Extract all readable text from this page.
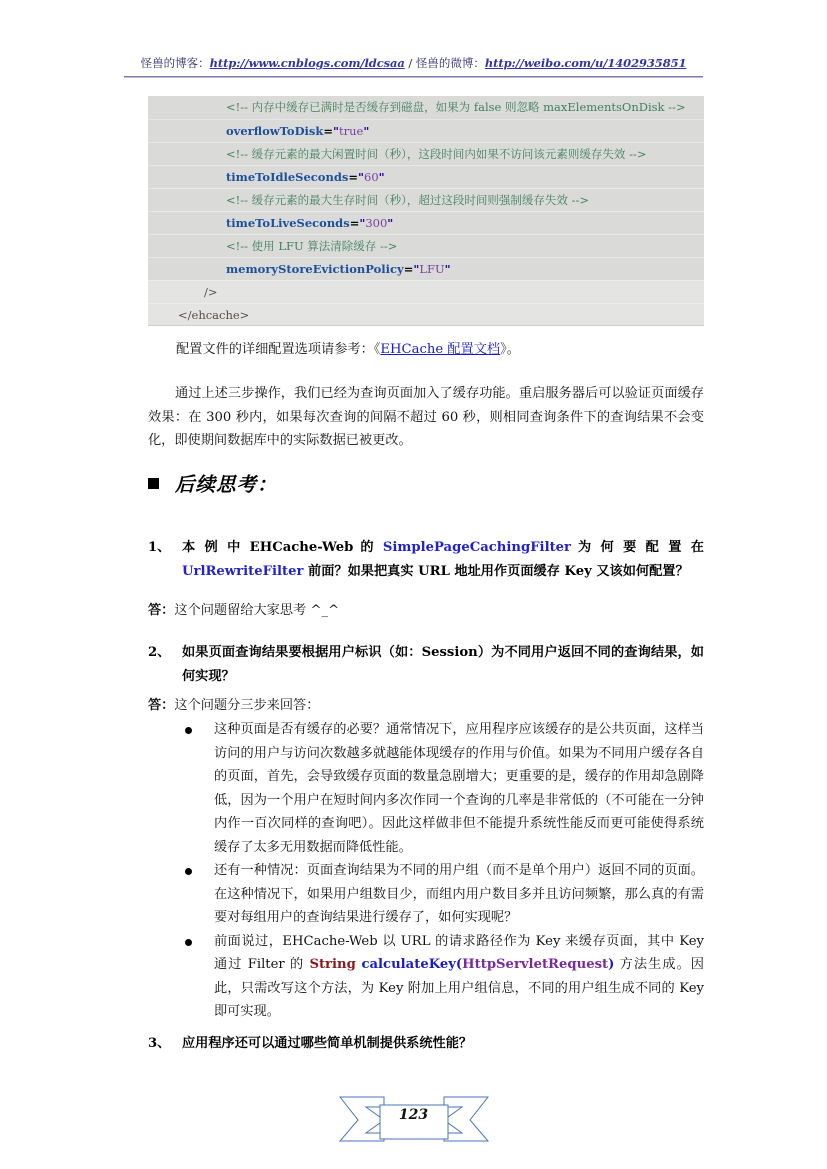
怪兽的博客：http://www.cnblogs.com/ldcsaa / 怪兽的微博：http://weibo.com/u/1402935851
<!-- 内存中缓存已满时是否缓存到磁盘，如果为 false 则忽略 maxElementsOnDisk -->
overflowToDisk="true"
<!-- 缓存元素的最大闲置时间（秒），这段时间内如果不访问该元素则缓存失效 -->
timeToIdleSeconds="60"
<!-- 缓存元素的最大生存时间（秒），超过这段时间则强制缓存失效 -->
timeToLiveSeconds="300"
<!-- 使用 LFU 算法清除缓存 -->
memoryStoreEvictionPolicy="LFU"
/>
</ehcache>
配置文件的详细配置选项请参考：《EHCache 配置文档》。
通过上述三步操作，我们已经为查询页面加入了缓存功能。重启服务器后可以验证页面缓存效果：在 300 秒内，如果每次查询的间隔不超过 60 秒，则相同查询条件下的查询结果不会变化，即使期间数据库中的实际数据已被更改。
后续思考：
1、 本 例 中 EHCache-Web 的 SimplePageCachingFilter 为 何 要 配 置 在 UrlRewriteFilter 前面？如果把真实 URL 地址用作页面缓存 Key 又该如何配置？
答：这个问题留给大家思考 ^_^
2、 如果页面查询结果要根据用户标识（如：Session）为不同用户返回不同的查询结果，如何实现？
答：这个问题分三步来回答：
这种页面是否有缓存的必要？通常情况下，应用程序应该缓存的是公共页面，这样当访问的用户与访问次数越多就越能体现缓存的作用与价值。如果为不同用户缓存各自的页面，首先，会导致缓存页面的数量急剧增大；更重要的是，缓存的作用却急剧降低，因为一个用户在短时间内多次作同一个查询的几率是非常低的（不可能在一分钟内作一百次同样的查询吧）。因此这样做非但不能提升系统性能反而更可能使得系统缓存了太多无用数据而降低性能。
还有一种情况：页面查询结果为不同的用户组（而不是单个用户）返回不同的页面。在这种情况下，如果用户组数目少，而组内用户数目多并且访问频繁，那么真的有需要对每组用户的查询结果进行缓存了，如何实现呢？
前面说过，EHCache-Web 以 URL 的请求路径作为 Key 来缓存页面，其中 Key 通过 Filter 的 String calculateKey(HttpServletRequest) 方法生成。因此，只需改写这个方法，为 Key 附加上用户组信息，不同的用户组生成不同的 Key 即可实现。
3、 应用程序还可以通过哪些简单机制提供系统性能？
123
